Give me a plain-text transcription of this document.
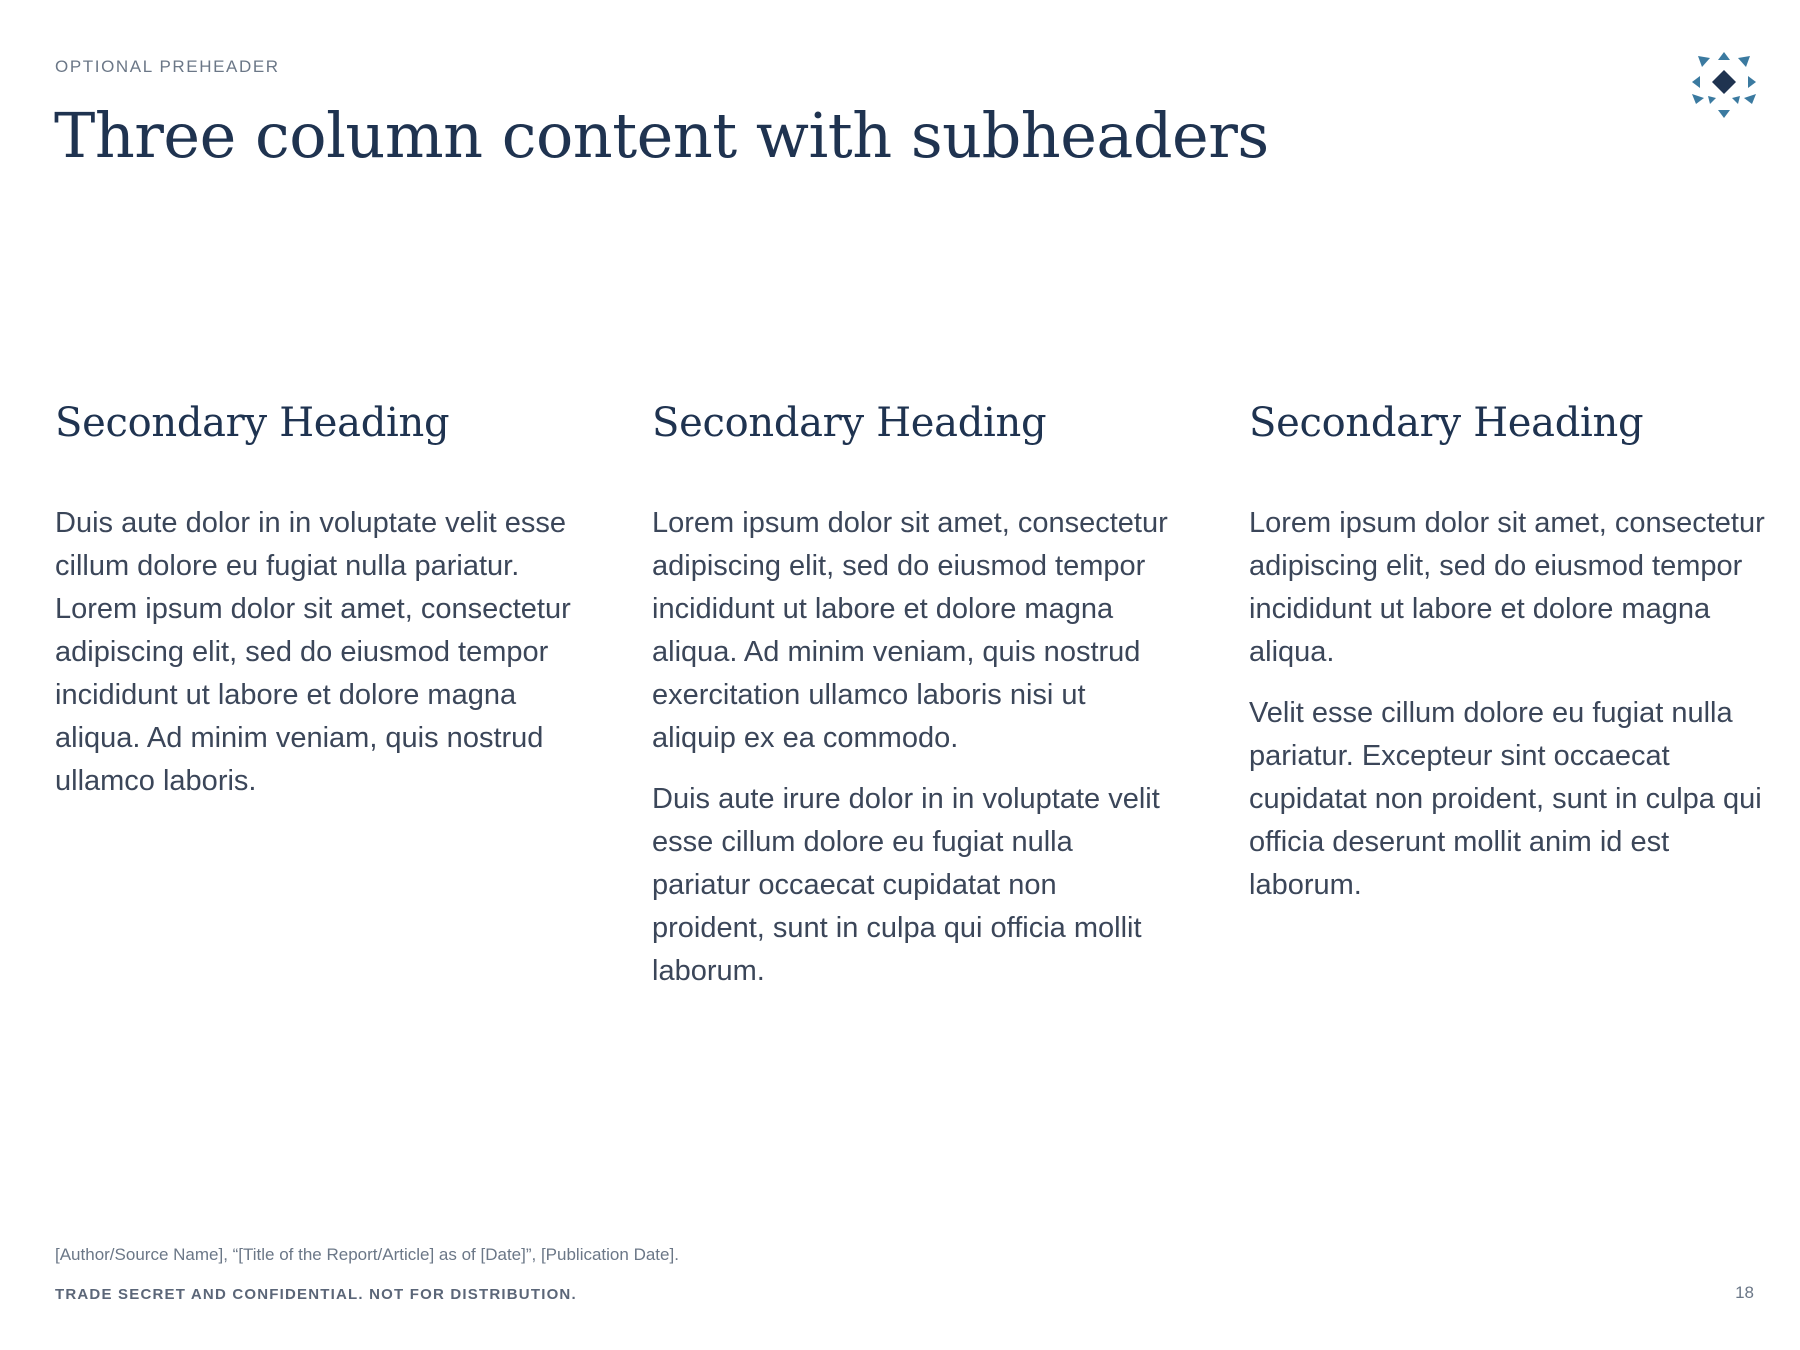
OPTIONAL PREHEADER
Three column content with subheaders
Secondary Heading

Duis aute dolor in in voluptate velit esse cillum dolore eu fugiat nulla pariatur. Lorem ipsum dolor sit amet, consectetur adipiscing elit, sed do eiusmod tempor incididunt ut labore et dolore magna aliqua. Ad minim veniam, quis nostrud ullamco laboris.

Secondary Heading

Lorem ipsum dolor sit amet, consectetur adipiscing elit, sed do eiusmod tempor incididunt ut labore et dolore magna aliqua. Ad minim veniam, quis nostrud exercitation ullamco laboris nisi ut aliquip ex ea commodo.

Duis aute irure dolor in in voluptate velit esse cillum dolore eu fugiat nulla pariatur occaecat cupidatat non proident, sunt in culpa qui officia mollit laborum.

Secondary Heading

Lorem ipsum dolor sit amet, consectetur adipiscing elit, sed do eiusmod tempor incididunt ut labore et dolore magna aliqua.

Velit esse cillum dolore eu fugiat nulla pariatur. Excepteur sint occaecat cupidatat non proident, sunt in culpa qui officia deserunt mollit anim id est laborum.

[Author/Source Name], “[Title of the Report/Article] as of [Date]”, [Publication Date].
TRADE SECRET AND CONFIDENTIAL. NOT FOR DISTRIBUTION.	18
